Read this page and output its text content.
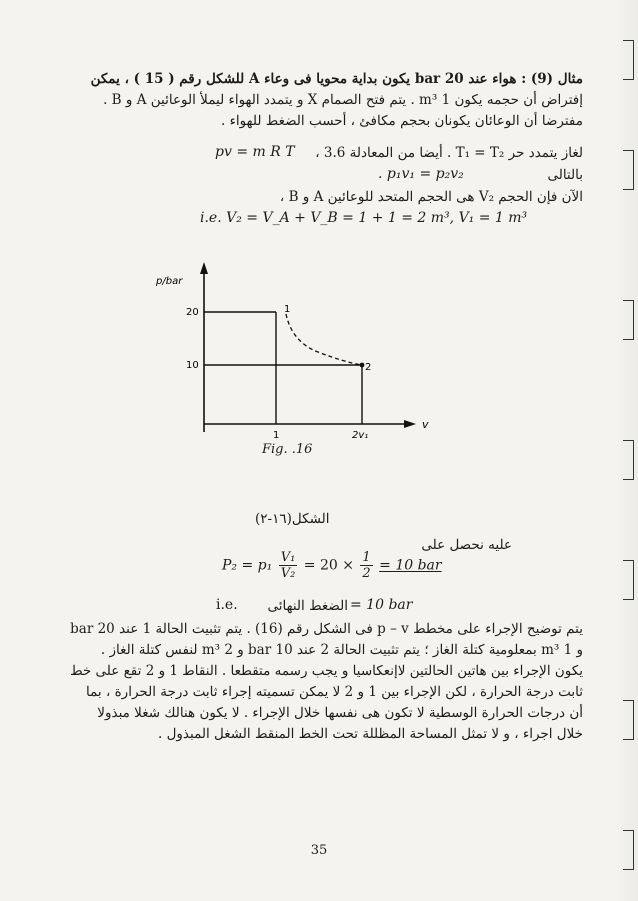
مثال (9) : هواء عند 20 bar يكون بداية محويا فى وعاء A للشكل رقم ( 15 ) ، يمكن
إفتراض أن حجمه يكون 1 m³ . يتم فتح الصمام X و يتمدد الهواء ليملأ الوعائين A و B .
مفترضا أن الوعائان يكونان بحجم مكافئ ، أحسب الضغط للهواء .
pv = m R T لغاز يتمدد حر T₁ = T₂ . أيضا من المعادلة 3.6 ،
. p₁v₁ = p₂v₂	بالتالى
الآن فإن الحجم V₂ هى الحجم المتحد للوعائين A و B ،
i.e. V₂ = V_A + V_B = 1 + 1 = 2 m³, V₁ = 1 m³
p/bar
v
20
10
1
2
1	2v₁
Fig. .16
الشكل(١٦-٢)
عليه نحصل على
$P_2 = p_1 \frac{\text{V₁}}{\text{V₂}} = 20 \times \frac{1}{2} = 10$ bar
i.e.	= 10 bar
الضغط النهائى
يتم توضيح الإجراء على مخطط p – v فى الشكل رقم (16) . يتم تثبيت الحالة 1 عند 20 bar
و 1 m³ بمعلومية كتلة الغاز ؛ يتم تثبيت الحالة 2 عند 10 bar و 2 m³ لنفس كتلة الغاز .
يكون الإجراء بين هاتين الحالتين لاإنعكاسيا و يجب رسمه متقطعا . النقاط 1 و 2 تقع على خط
ثابت درجة الحرارة ، لكن الإجراء بين 1 و 2 لا يمكن تسميته إجراء ثابت درجة الحرارة ، بما
أن درجات الحرارة الوسطية لا تكون هى نفسها خلال الإجراء . لا يكون هنالك شغلا مبذولا
خلال اجراء ، و لا تمثل المساحة المظللة تحت الخط المنقط الشغل المبذول .
35
